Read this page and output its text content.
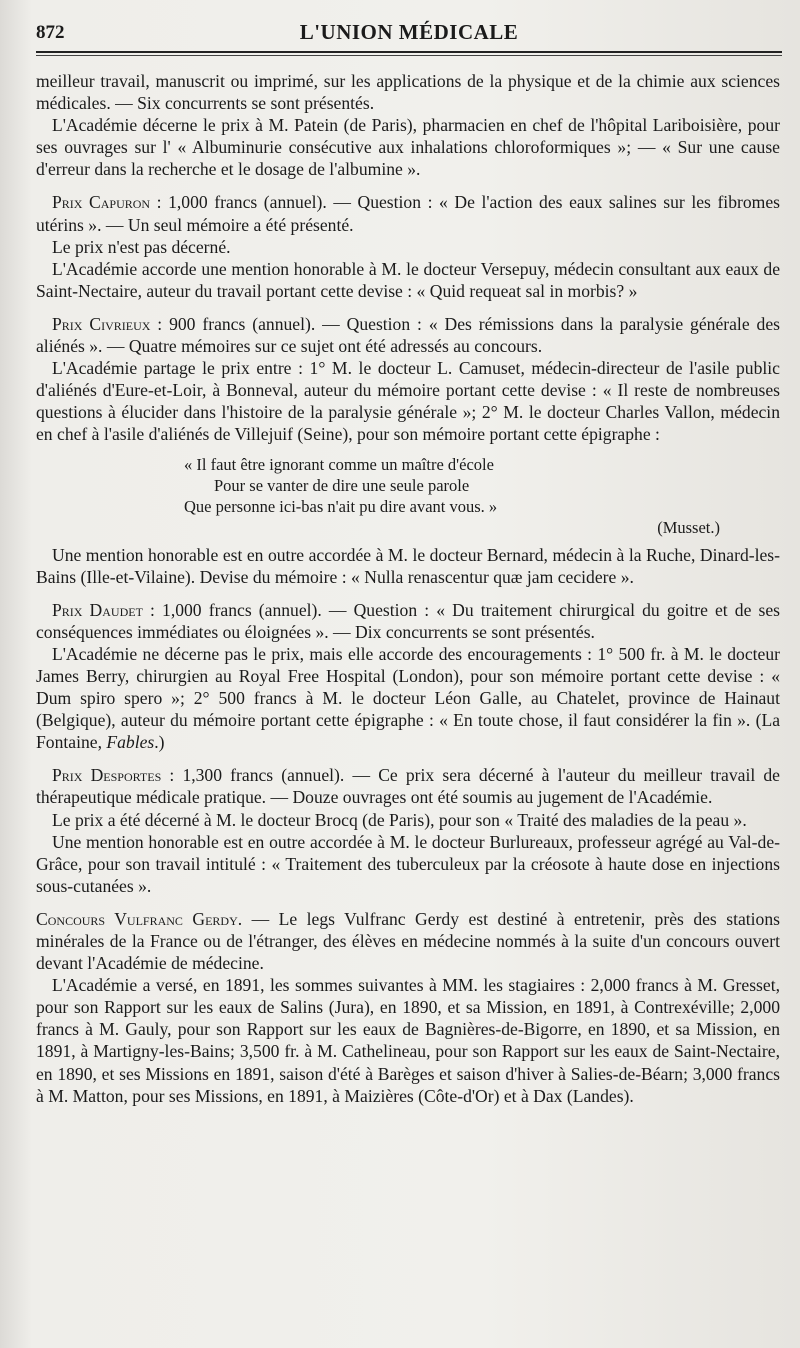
872	L'UNION MÉDICALE

meilleur travail, manuscrit ou imprimé, sur les applications de la physique et de la chimie aux sciences médicales. — Six concurrents se sont présentés.

L'Académie décerne le prix à M. Patein (de Paris), pharmacien en chef de l'hôpital Lariboisière, pour ses ouvrages sur l' « Albuminurie consécutive aux inhalations chloroformiques »; — « Sur une cause d'erreur dans la recherche et le dosage de l'albumine ».

Prix Capuron : 1,000 francs (annuel). — Question : « De l'action des eaux salines sur les fibromes utérins ». — Un seul mémoire a été présenté.

Le prix n'est pas décerné.

L'Académie accorde une mention honorable à M. le docteur Versepuy, médecin consultant aux eaux de Saint-Nectaire, auteur du travail portant cette devise : « Quid requeat sal in morbis? »

Prix Civrieux : 900 francs (annuel). — Question : « Des rémissions dans la paralysie générale des aliénés ». — Quatre mémoires sur ce sujet ont été adressés au concours.

L'Académie partage le prix entre : 1° M. le docteur L. Camuset, médecin-directeur de l'asile public d'aliénés d'Eure-et-Loir, à Bonneval, auteur du mémoire portant cette devise : « Il reste de nombreuses questions à élucider dans l'histoire de la paralysie générale »; 2° M. le docteur Charles Vallon, médecin en chef à l'asile d'aliénés de Villejuif (Seine), pour son mémoire portant cette épigraphe :

« Il faut être ignorant comme un maître d'école
Pour se vanter de dire une seule parole
Que personne ici-bas n'ait pu dire avant vous. »
(Musset.)

Une mention honorable est en outre accordée à M. le docteur Bernard, médecin à la Ruche, Dinard-les-Bains (Ille-et-Vilaine). Devise du mémoire : « Nulla renascentur quæ jam cecidere ».

Prix Daudet : 1,000 francs (annuel). — Question : « Du traitement chirurgical du goitre et de ses conséquences immédiates ou éloignées ». — Dix concurrents se sont présentés.

L'Académie ne décerne pas le prix, mais elle accorde des encouragements : 1° 500 fr. à M. le docteur James Berry, chirurgien au Royal Free Hospital (London), pour son mémoire portant cette devise : « Dum spiro spero »; 2° 500 francs à M. le docteur Léon Galle, au Chatelet, province de Hainaut (Belgique), auteur du mémoire portant cette épigraphe : « En toute chose, il faut considérer la fin ». (La Fontaine, Fables.)

Prix Desportes : 1,300 francs (annuel). — Ce prix sera décerné à l'auteur du meilleur travail de thérapeutique médicale pratique. — Douze ouvrages ont été soumis au jugement de l'Académie.

Le prix a été décerné à M. le docteur Brocq (de Paris), pour son « Traité des maladies de la peau ».

Une mention honorable est en outre accordée à M. le docteur Burlureaux, professeur agrégé au Val-de-Grâce, pour son travail intitulé : « Traitement des tuberculeux par la créosote à haute dose en injections sous-cutanées ».

Concours Vulfranc Gerdy. — Le legs Vulfranc Gerdy est destiné à entretenir, près des stations minérales de la France ou de l'étranger, des élèves en médecine nommés à la suite d'un concours ouvert devant l'Académie de médecine.

L'Académie a versé, en 1891, les sommes suivantes à MM. les stagiaires : 2,000 francs à M. Gresset, pour son Rapport sur les eaux de Salins (Jura), en 1890, et sa Mission, en 1891, à Contrexéville; 2,000 francs à M. Gauly, pour son Rapport sur les eaux de Bagnières-de-Bigorre, en 1890, et sa Mission, en 1891, à Martigny-les-Bains; 3,500 fr. à M. Cathelineau, pour son Rapport sur les eaux de Saint-Nectaire, en 1890, et ses Missions en 1891, saison d'été à Barèges et saison d'hiver à Salies-de-Béarn; 3,000 francs à M. Matton, pour ses Missions, en 1891, à Maizières (Côte-d'Or) et à Dax (Landes).
